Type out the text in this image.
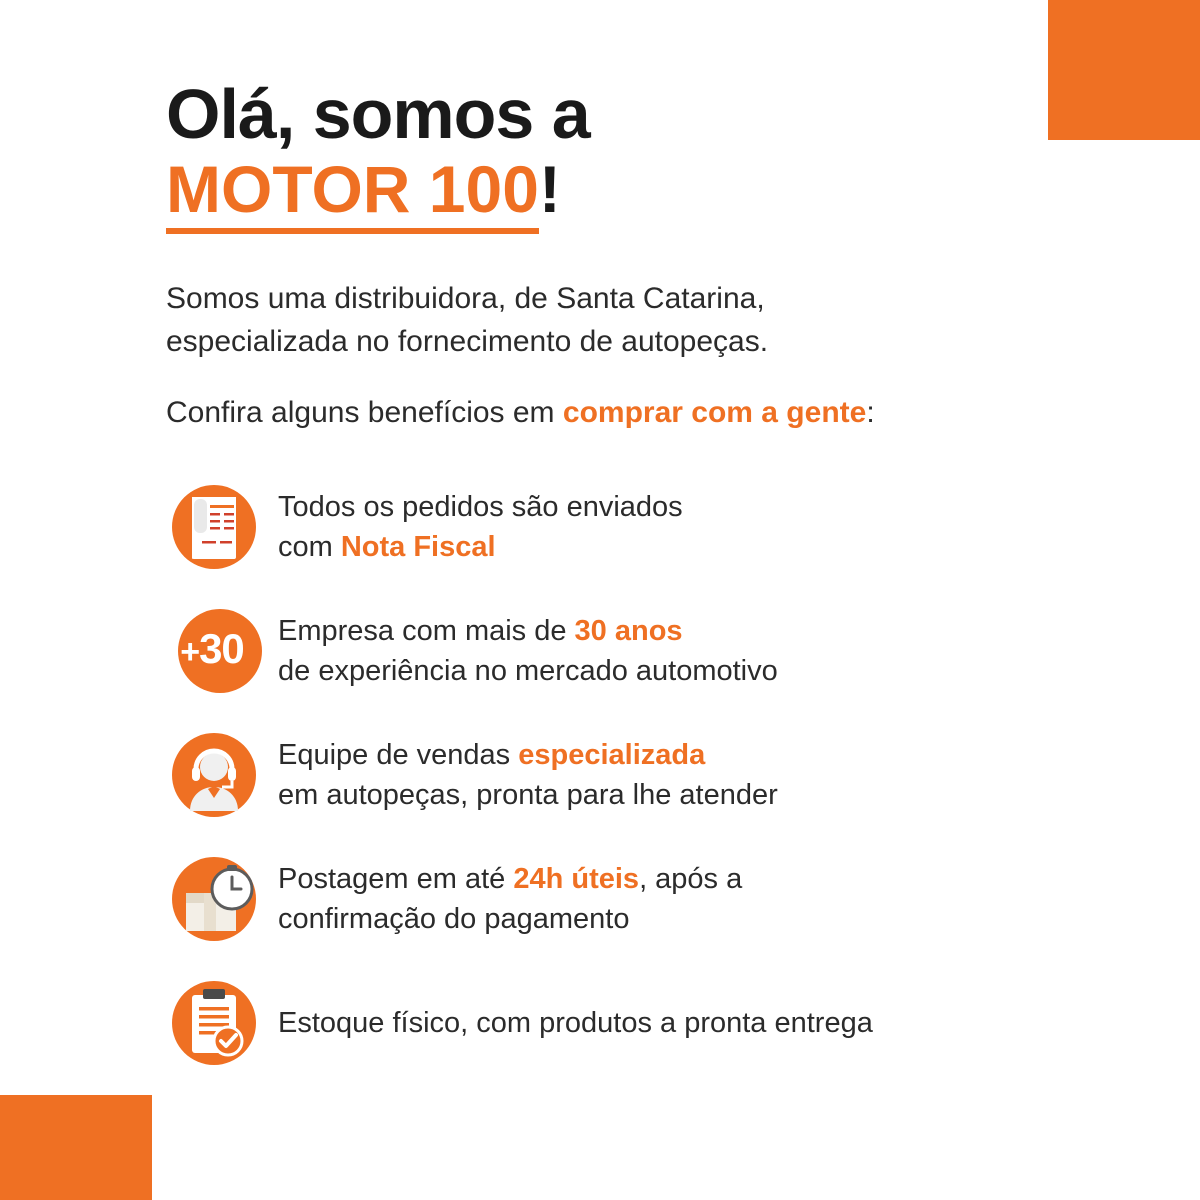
Olá, somos a
MOTOR 100!
Somos uma distribuidora, de Santa Catarina,
especializada no fornecimento de autopeças.
Confira alguns benefícios em comprar com a gente:
Todos os pedidos são enviados
com Nota Fiscal
+30 Empresa com mais de 30 anos
de experiência no mercado automotivo
Equipe de vendas especializada
em autopeças, pronta para lhe atender
Postagem em até 24h úteis, após a
confirmação do pagamento
Estoque físico, com produtos a pronta entrega
